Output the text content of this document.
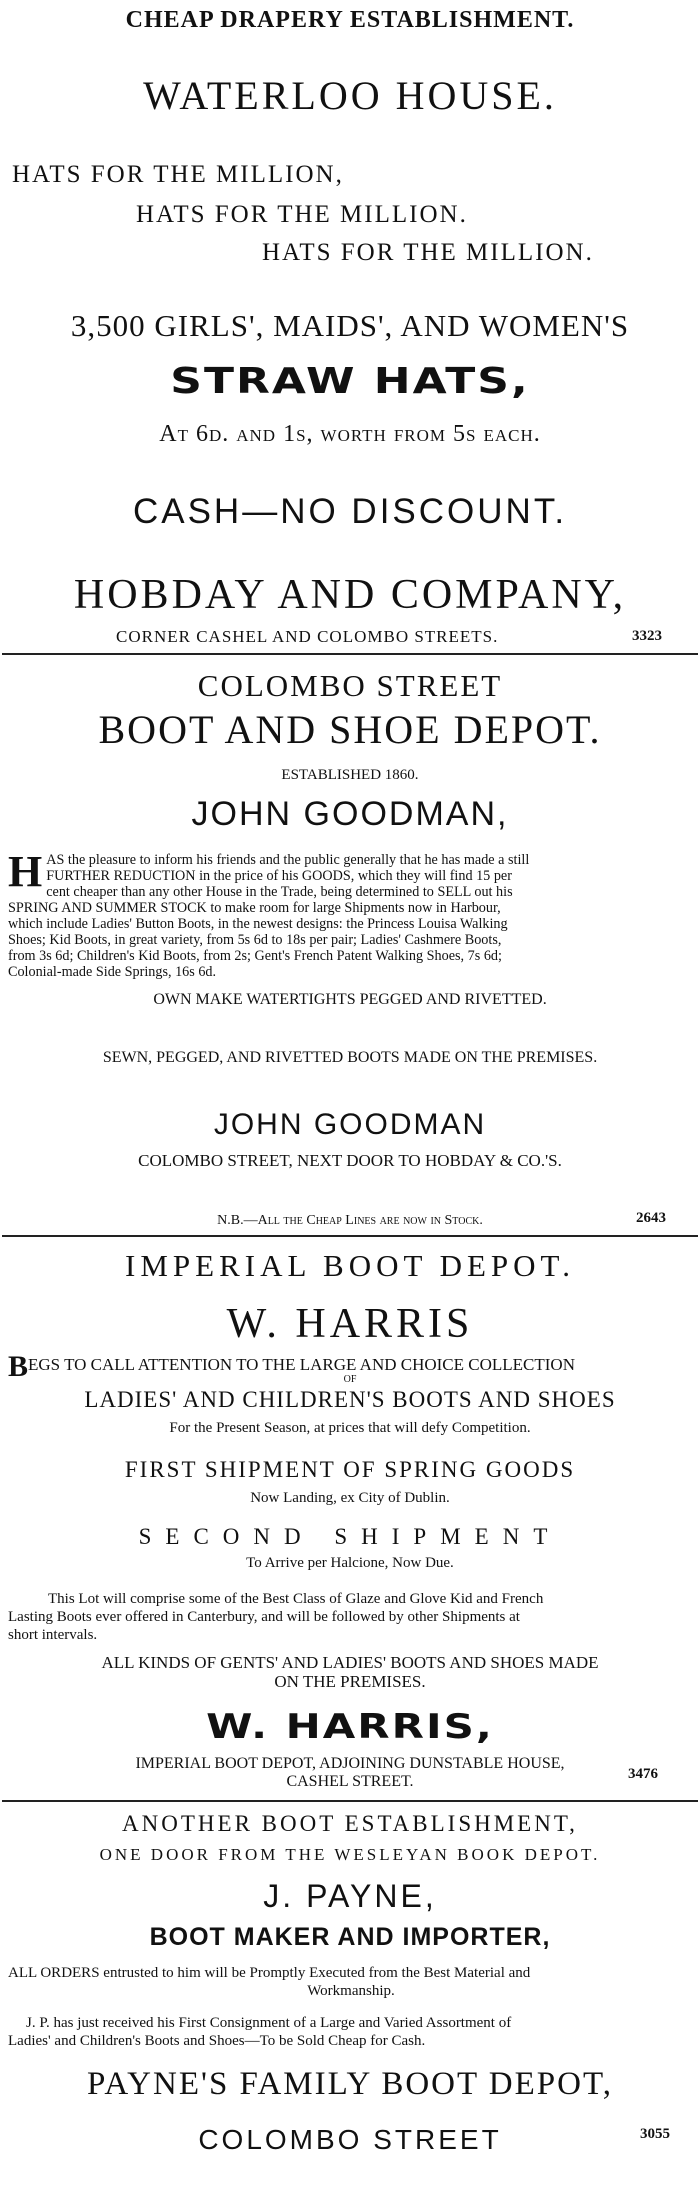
CHEAP DRAPERY ESTABLISHMENT.
WATERLOO HOUSE.
HATS FOR THE MILLION,
HATS FOR THE MILLION.
HATS FOR THE MILLION.
3,500 GIRLS', MAIDS', AND WOMEN'S
STRAW HATS,
At 6d. and 1s, worth from 5s each.
CASH—NO DISCOUNT.
HOBDAY AND COMPANY,
CORNER CASHEL AND COLOMBO STREETS.	3323
COLOMBO STREET
BOOT AND SHOE DEPOT.
ESTABLISHED 1860.
JOHN GOODMAN,
H AS the pleasure to inform his friends and the public generally that he has made a still
FURTHER REDUCTION in the price of his GOODS, which they will find 15 per
cent cheaper than any other House in the Trade, being determined to SELL out his
SPRING AND SUMMER STOCK to make room for large Shipments now in Harbour,
which include Ladies' Button Boots, in the newest designs: the Princess Louisa Walking
Shoes; Kid Boots, in great variety, from 5s 6d to 18s per pair; Ladies' Cashmere Boots,
from 3s 6d; Children's Kid Boots, from 2s; Gent's French Patent Walking Shoes, 7s 6d;
Colonial-made Side Springs, 16s 6d.
OWN MAKE WATERTIGHTS PEGGED AND RIVETTED.
SEWN, PEGGED, AND RIVETTED BOOTS MADE ON THE PREMISES.
JOHN GOODMAN
COLOMBO STREET, NEXT DOOR TO HOBDAY & CO.'S.
N.B.—All the Cheap Lines are now in Stock.	2643
IMPERIAL BOOT DEPOT.
W. HARRIS
BEGS TO CALL ATTENTION TO THE LARGE AND CHOICE COLLECTION
OF
LADIES' AND CHILDREN'S BOOTS AND SHOES
For the Present Season, at prices that will defy Competition.
FIRST SHIPMENT OF SPRING GOODS
Now Landing, ex City of Dublin.
SECOND SHIPMENT
To Arrive per Halcione, Now Due.
This Lot will comprise some of the Best Class of Glaze and Glove Kid and French
Lasting Boots ever offered in Canterbury, and will be followed by other Shipments at
short intervals.
ALL KINDS OF GENTS' AND LADIES' BOOTS AND SHOES MADE
ON THE PREMISES.
W. HARRIS,
IMPERIAL BOOT DEPOT, ADJOINING DUNSTABLE HOUSE,
CASHEL STREET.	3476
ANOTHER BOOT ESTABLISHMENT,
ONE DOOR FROM THE WESLEYAN BOOK DEPOT.
J. PAYNE,
BOOT MAKER AND IMPORTER,
ALL ORDERS entrusted to him will be Promptly Executed from the Best Material and

Workmanship.
J. P. has just received his First Consignment of a Large and Varied Assortment of
Ladies' and Children's Boots and Shoes—To be Sold Cheap for Cash.
PAYNE'S FAMILY BOOT DEPOT,
COLOMBO STREET	3055
